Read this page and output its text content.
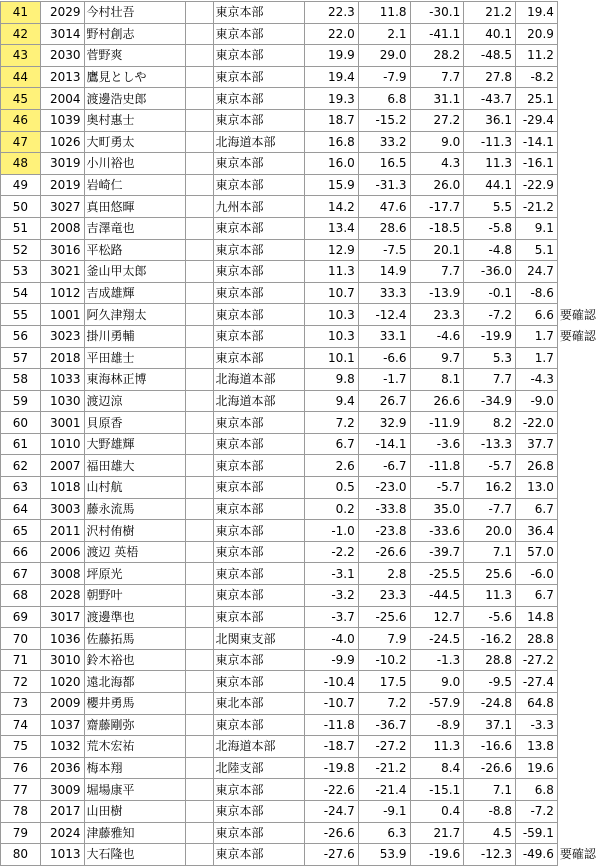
41	2029	今村壮吾		東京本部	22.3	11.8	-30.1	21.2	19.4	
42	3014	野村創志		東京本部	22.0	2.1	-41.1	40.1	20.9	
43	2030	菅野爽		東京本部	19.9	29.0	28.2	-48.5	11.2	
44	2013	鷹見としや		東京本部	19.4	-7.9	7.7	27.8	-8.2	
45	2004	渡邊浩史郎		東京本部	19.3	6.8	31.1	-43.7	25.1	
46	1039	奥村惠士		東京本部	18.7	-15.2	27.2	36.1	-29.4	
47	1026	大町勇太		北海道本部	16.8	33.2	9.0	-11.3	-14.1	
48	3019	小川裕也		東京本部	16.0	16.5	4.3	11.3	-16.1	
49	2019	岩崎仁		東京本部	15.9	-31.3	26.0	44.1	-22.9	
50	3027	真田悠暉		九州本部	14.2	47.6	-17.7	5.5	-21.2	
51	2008	吉澤竜也		東京本部	13.4	28.6	-18.5	-5.8	9.1	
52	3016	平松路		東京本部	12.9	-7.5	20.1	-4.8	5.1	
53	3021	釜山甲太郎		東京本部	11.3	14.9	7.7	-36.0	24.7	
54	1012	吉成雄輝		東京本部	10.7	33.3	-13.9	-0.1	-8.6	
55	1001	阿久津翔太		東京本部	10.3	-12.4	23.3	-7.2	6.6	要確認
56	3023	掛川勇輔		東京本部	10.3	33.1	-4.6	-19.9	1.7	要確認
57	2018	平田雄士		東京本部	10.1	-6.6	9.7	5.3	1.7	
58	1033	東海林正博		北海道本部	9.8	-1.7	8.1	7.7	-4.3	
59	1030	渡辺涼		北海道本部	9.4	26.7	26.6	-34.9	-9.0	
60	3001	貝原香		東京本部	7.2	32.9	-11.9	8.2	-22.0	
61	1010	大野雄輝		東京本部	6.7	-14.1	-3.6	-13.3	37.7	
62	2007	福田雄大		東京本部	2.6	-6.7	-11.8	-5.7	26.8	
63	1018	山村航		東京本部	0.5	-23.0	-5.7	16.2	13.0	
64	3003	藤永流馬		東京本部	0.2	-33.8	35.0	-7.7	6.7	
65	2011	沢村侑樹		東京本部	-1.0	-23.8	-33.6	20.0	36.4	
66	2006	渡辺 英梧		東京本部	-2.2	-26.6	-39.7	7.1	57.0	
67	3008	坪原光		東京本部	-3.1	2.8	-25.5	25.6	-6.0	
68	2028	朝野叶		東京本部	-3.2	23.3	-44.5	11.3	6.7	
69	3017	渡邊準也		東京本部	-3.7	-25.6	12.7	-5.6	14.8	
70	1036	佐藤拓馬		北関東支部	-4.0	7.9	-24.5	-16.2	28.8	
71	3010	鈴木裕也		東京本部	-9.9	-10.2	-1.3	28.8	-27.2	
72	1020	遠北海都		東京本部	-10.4	17.5	9.0	-9.5	-27.4	
73	2009	櫻井勇馬		東北本部	-10.7	7.2	-57.9	-24.8	64.8	
74	1037	齋藤剛弥		東京本部	-11.8	-36.7	-8.9	37.1	-3.3	
75	1032	荒木宏祐		北海道本部	-18.7	-27.2	11.3	-16.6	13.8	
76	2036	梅本翔		北陸支部	-19.8	-21.2	8.4	-26.6	19.6	
77	3009	堀場康平		東京本部	-22.6	-21.4	-15.1	7.1	6.8	
78	2017	山田樹		東京本部	-24.7	-9.1	0.4	-8.8	-7.2	
79	2024	津藤雅知		東京本部	-26.6	6.3	21.7	4.5	-59.1	
80	1013	大石隆也		東京本部	-27.6	53.9	-19.6	-12.3	-49.6	要確認
